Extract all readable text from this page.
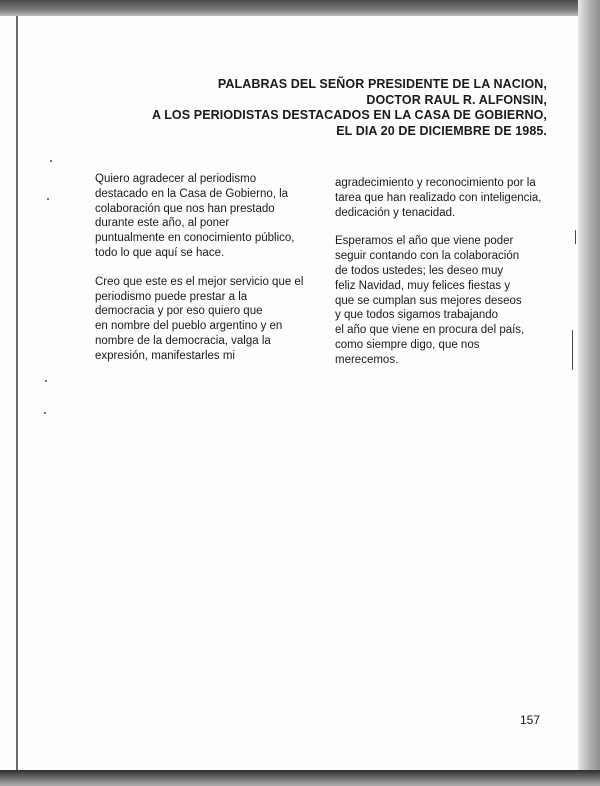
PALABRAS DEL SEÑOR PRESIDENTE DE LA NACION,
DOCTOR RAUL R. ALFONSIN,
A LOS PERIODISTAS DESTACADOS EN LA CASA DE GOBIERNO,
EL DIA 20 DE DICIEMBRE DE 1985.

Quiero agradecer al periodismo
destacado en la Casa de Gobierno, la
colaboración que nos han prestado
durante este año, al poner
puntualmente en conocimiento público,
todo lo que aquí se hace.

Creo que este es el mejor servicio que el
periodismo puede prestar a la
democracia y por eso quiero que
en nombre del pueblo argentino y en
nombre de la democracia, valga la
expresión, manifestarles mi

agradecimiento y reconocimiento por la
tarea que han realizado con inteligencia,
dedicación y tenacidad.

Esperamos el año que viene poder
seguir contando con la colaboración
de todos ustedes; les deseo muy
feliz Navidad, muy felices fiestas y
que se cumplan sus mejores deseos
y que todos sigamos trabajando
el año que viene en procura del país,
como siempre digo, que nos
merecemos.

157
